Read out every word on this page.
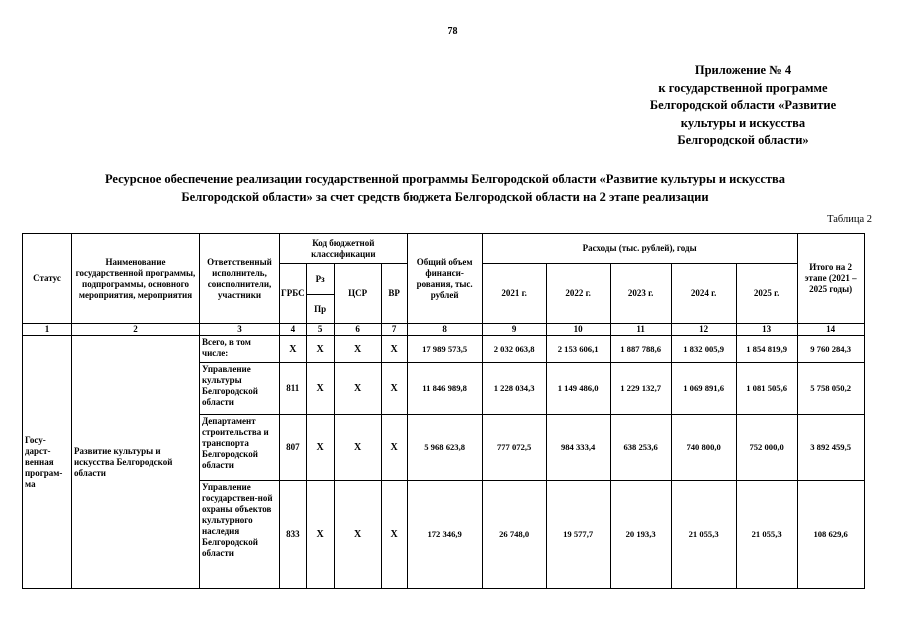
78
Приложение № 4
к государственной программе
Белгородской области «Развитие
культуры и искусства
Белгородской области»
Ресурсное обеспечение реализации государственной программы Белгородской области «Развитие культуры и искусства
Белгородской области» за счет средств бюджета Белгородской области на 2 этапе реализации
Таблица 2
Статус	Наименование государственной программы, подпрограммы, основного мероприятия, мероприятия	Ответственный исполнитель, соисполнители, участники	Код бюджетной классификации				Общий объем финанси-рования, тыс. рублей	Расходы (тыс. рублей), годы					Итого на 2 этапе (2021 – 2025 годы)
			ГРБС	Рз	ЦСР	ВР		2021 г.	2022 г.	2023 г.	2024 г.	2025 г.	
				Пр									
1	2	3	4	5	6	7	8	9	10	11	12	13	14
Госу-дарст-венная програм-ма	Развитие культуры и искусства Белгородской области	Всего, в том числе:	X	X	X	X	17 989 573,5	2 032 063,8	2 153 606,1	1 887 788,6	1 832 005,9	1 854 819,9	9 760 284,3
		Управление культуры Белгородской области	811	X	X	X	11 846 989,8	1 228 034,3	1 149 486,0	1 229 132,7	1 069 891,6	1 081 505,6	5 758 050,2
		Департамент строительства и транспорта Белгородской области	807	X	X	X	5 968 623,8	777 072,5	984 333,4	638 253,6	740 800,0	752 000,0	3 892 459,5
		Управление государствен-ной охраны объектов культурного наследия Белгородской области	833	X	X	X	172 346,9	26 748,0	19 577,7	20 193,3	21 055,3	21 055,3	108 629,6
